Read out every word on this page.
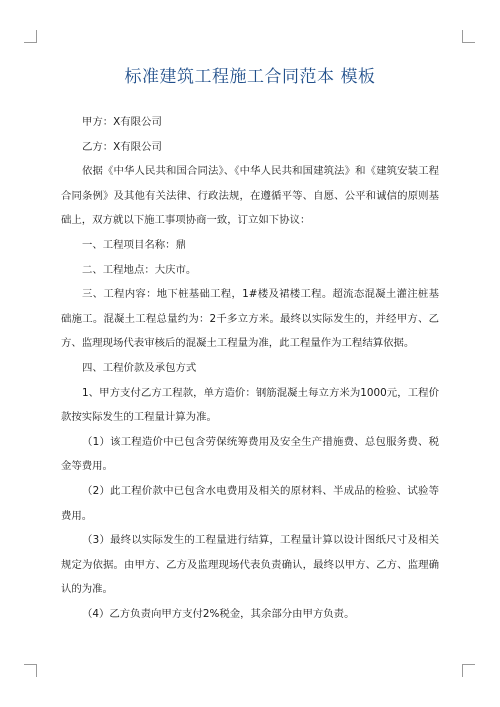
标准建筑工程施工合同范本 模板

甲方：X有限公司

乙方：X有限公司

依据《中华人民共和国合同法》、《中华人民共和国建筑法》和《建筑安装工程合同条例》及其他有关法律、行政法规，在遵循平等、自愿、公平和诚信的原则基础上，双方就以下施工事项协商一致，订立如下协议：

一、工程项目名称：鼎

二、工程地点：大庆市。

三、工程内容：地下桩基础工程，1#楼及裙楼工程。超流态混凝土灌注桩基础施工。混凝土工程总量约为：2千多立方米。最终以实际发生的，并经甲方、乙方、监理现场代表审核后的混凝土工程量为准，此工程量作为工程结算依据。

四、工程价款及承包方式

1、甲方支付乙方工程款，单方造价：钢筋混凝土每立方米为1000元，工程价款按实际发生的工程量计算为准。

（1）该工程造价中已包含劳保统筹费用及安全生产措施费、总包服务费、税金等费用。

（2）此工程价款中已包含水电费用及相关的原材料、半成品的检验、试验等费用。

（3）最终以实际发生的工程量进行结算，工程量计算以设计图纸尺寸及相关规定为依据。由甲方、乙方及监理现场代表负责确认，最终以甲方、乙方、监理确认的为准。

（4）乙方负责向甲方支付2%税金，其余部分由甲方负责。
